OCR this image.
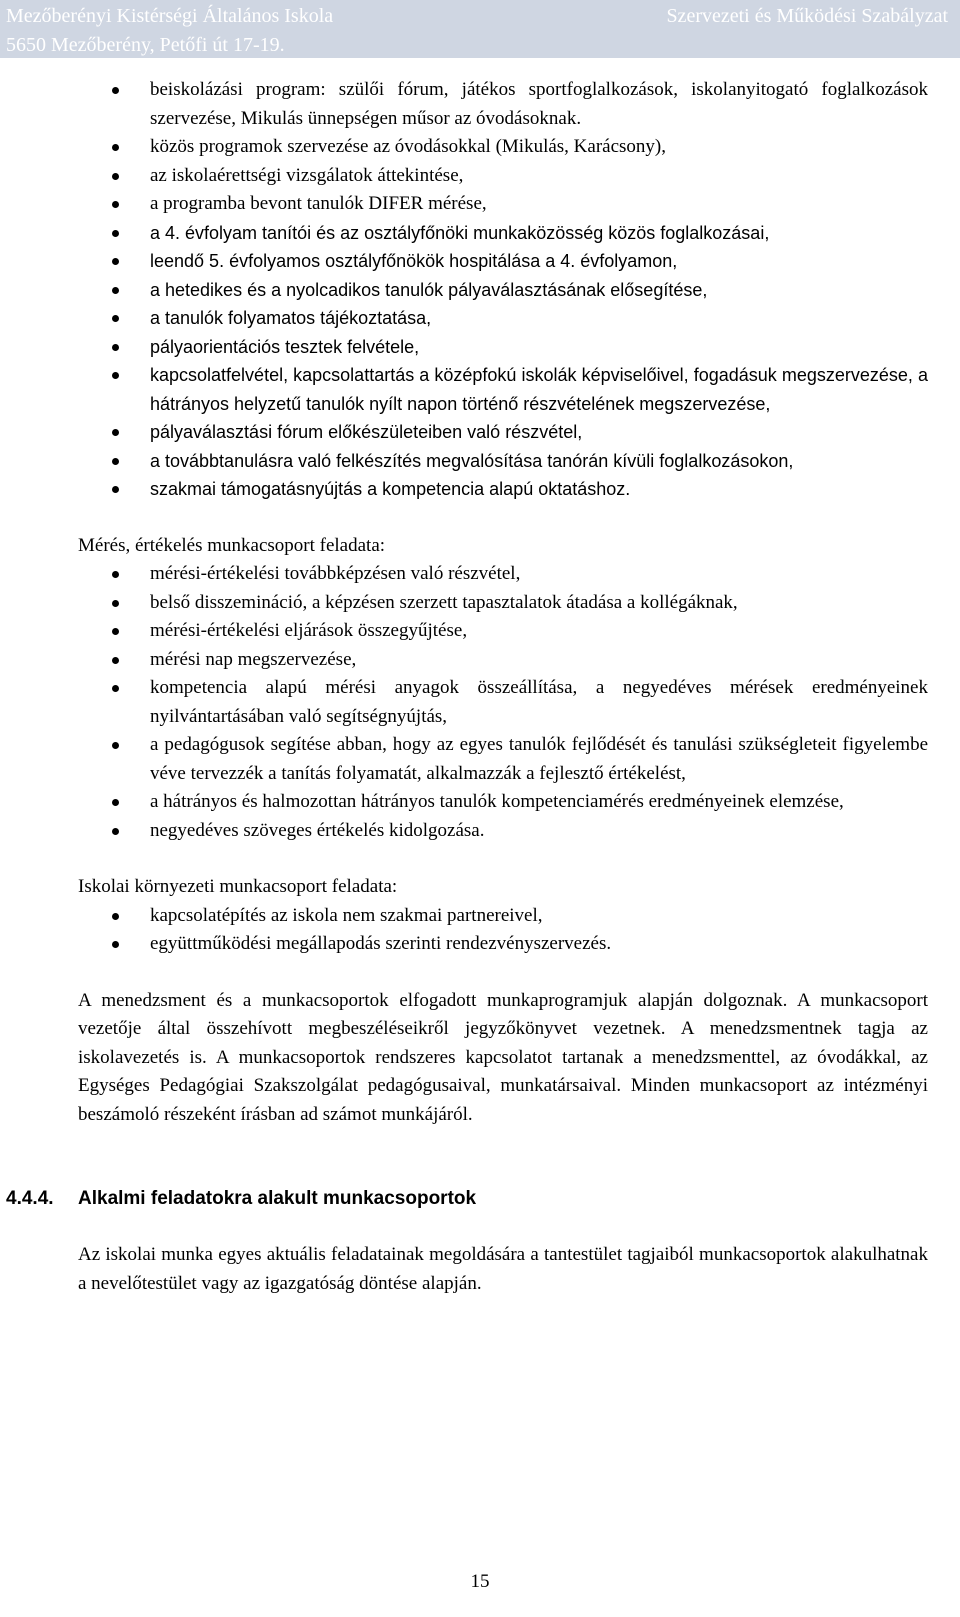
Mezőberényi Kistérségi Általános Iskola
5650 Mezőberény, Petőfi út 17-19.
Szervezeti és Működési Szabályzat
beiskolázási program: szülői fórum, játékos sportfoglalkozások, iskolanyitogató foglalkozások szervezése, Mikulás ünnepségen műsor az óvodásoknak.
közös programok szervezése az óvodásokkal (Mikulás, Karácsony),
az iskolaérettségi vizsgálatok áttekintése,
a programba bevont tanulók DIFER mérése,
a 4. évfolyam tanítói és az osztályfőnöki munkaközösség közös foglalkozásai,
leendő 5. évfolyamos osztályfőnökök hospitálása a 4. évfolyamon,
a hetedikes és a nyolcadikos tanulók pályaválasztásának elősegítése,
a tanulók folyamatos tájékoztatása,
pályaorientációs tesztek felvétele,
kapcsolatfelvétel, kapcsolattartás a középfokú iskolák képviselőivel, fogadásuk megszervezése, a hátrányos helyzetű tanulók nyílt napon történő részvételének megszervezése,
pályaválasztási fórum előkészületeiben való részvétel,
a továbbtanulásra való felkészítés megvalósítása tanórán kívüli foglalkozásokon,
szakmai támogatásnyújtás a kompetencia alapú oktatáshoz.

Mérés, értékelés munkacsoport feladata:

mérési-értékelési továbbképzésen való részvétel,
belső disszemináció, a képzésen szerzett tapasztalatok átadása a kollégáknak,
mérési-értékelési eljárások összegyűjtése,
mérési nap megszervezése,
kompetencia alapú mérési anyagok összeállítása, a negyedéves mérések eredményeinek nyilvántartásában való segítségnyújtás,
a pedagógusok segítése abban, hogy az egyes tanulók fejlődését és tanulási szükségleteit figyelembe véve tervezzék a tanítás folyamatát, alkalmazzák a fejlesztő értékelést,
a hátrányos és halmozottan hátrányos tanulók kompetenciamérés eredményeinek elemzése,
negyedéves szöveges értékelés kidolgozása.

Iskolai környezeti munkacsoport feladata:

kapcsolatépítés az iskola nem szakmai partnereivel,
együttműködési megállapodás szerinti rendezvényszervezés.

A menedzsment és a munkacsoportok elfogadott munkaprogramjuk alapján dolgoznak. A munkacsoport vezetője által összehívott megbeszéléseikről jegyzőkönyvet vezetnek. A menedzsmentnek tagja az iskolavezetés is. A munkacsoportok rendszeres kapcsolatot tartanak a menedzsmenttel, az óvodákkal, az Egységes Pedagógiai Szakszolgálat pedagógusaival, munkatársaival. Minden munkacsoport az intézményi beszámoló részeként írásban ad számot munkájáról.

4.4.4. Alkalmi feladatokra alakult munkacsoportok

Az iskolai munka egyes aktuális feladatainak megoldására a tantestület tagjaiból munkacsoportok alakulhatnak a nevelőtestület vagy az igazgatóság döntése alapján.

15
